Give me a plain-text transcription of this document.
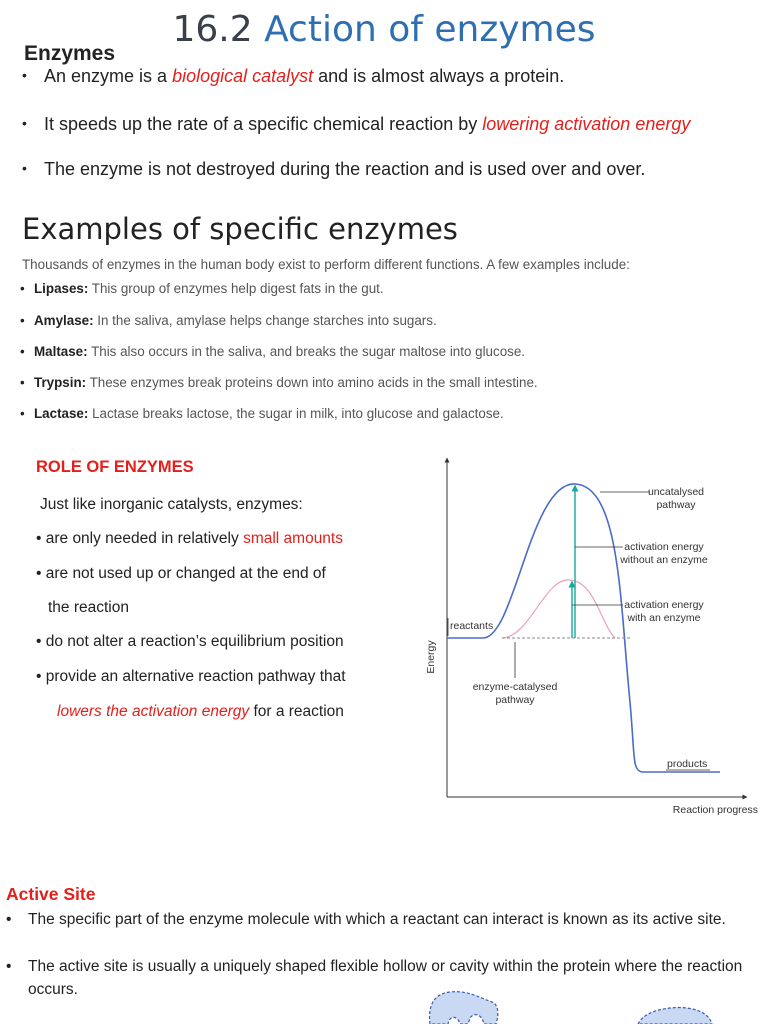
16.2 Action of enzymes
Enzymes
• An enzyme is a biological catalyst and is almost always a protein.
• It speeds up the rate of a specific chemical reaction by lowering activation energy
• The enzyme is not destroyed during the reaction and is used over and over.
Examples of specific enzymes
Thousands of enzymes in the human body exist to perform different functions. A few examples include:
• Lipases: This group of enzymes help digest fats in the gut.
• Amylase: In the saliva, amylase helps change starches into sugars.
• Maltase: This also occurs in the saliva, and breaks the sugar maltose into glucose.
• Trypsin: These enzymes break proteins down into amino acids in the small intestine.
• Lactase: Lactase breaks lactose, the sugar in milk, into glucose and galactose.
ROLE OF ENZYMES
Just like inorganic catalysts, enzymes:
• are only needed in relatively small amounts
• are not used up or changed at the end of
the reaction
• do not alter a reaction’s equilibrium position
• provide an alternative reaction pathway that
lowers the activation energy for a reaction
Energy
Reaction progress
uncatalysed
pathway
activation energy
without an enzyme
activation energy
with an enzyme
reactants
enzyme-catalysed
pathway
products
Active Site
• The specific part of the enzyme molecule with which a reactant can interact is known as its active site.
• The active site is usually a uniquely shaped flexible hollow or cavity within the protein where the reaction occurs.
